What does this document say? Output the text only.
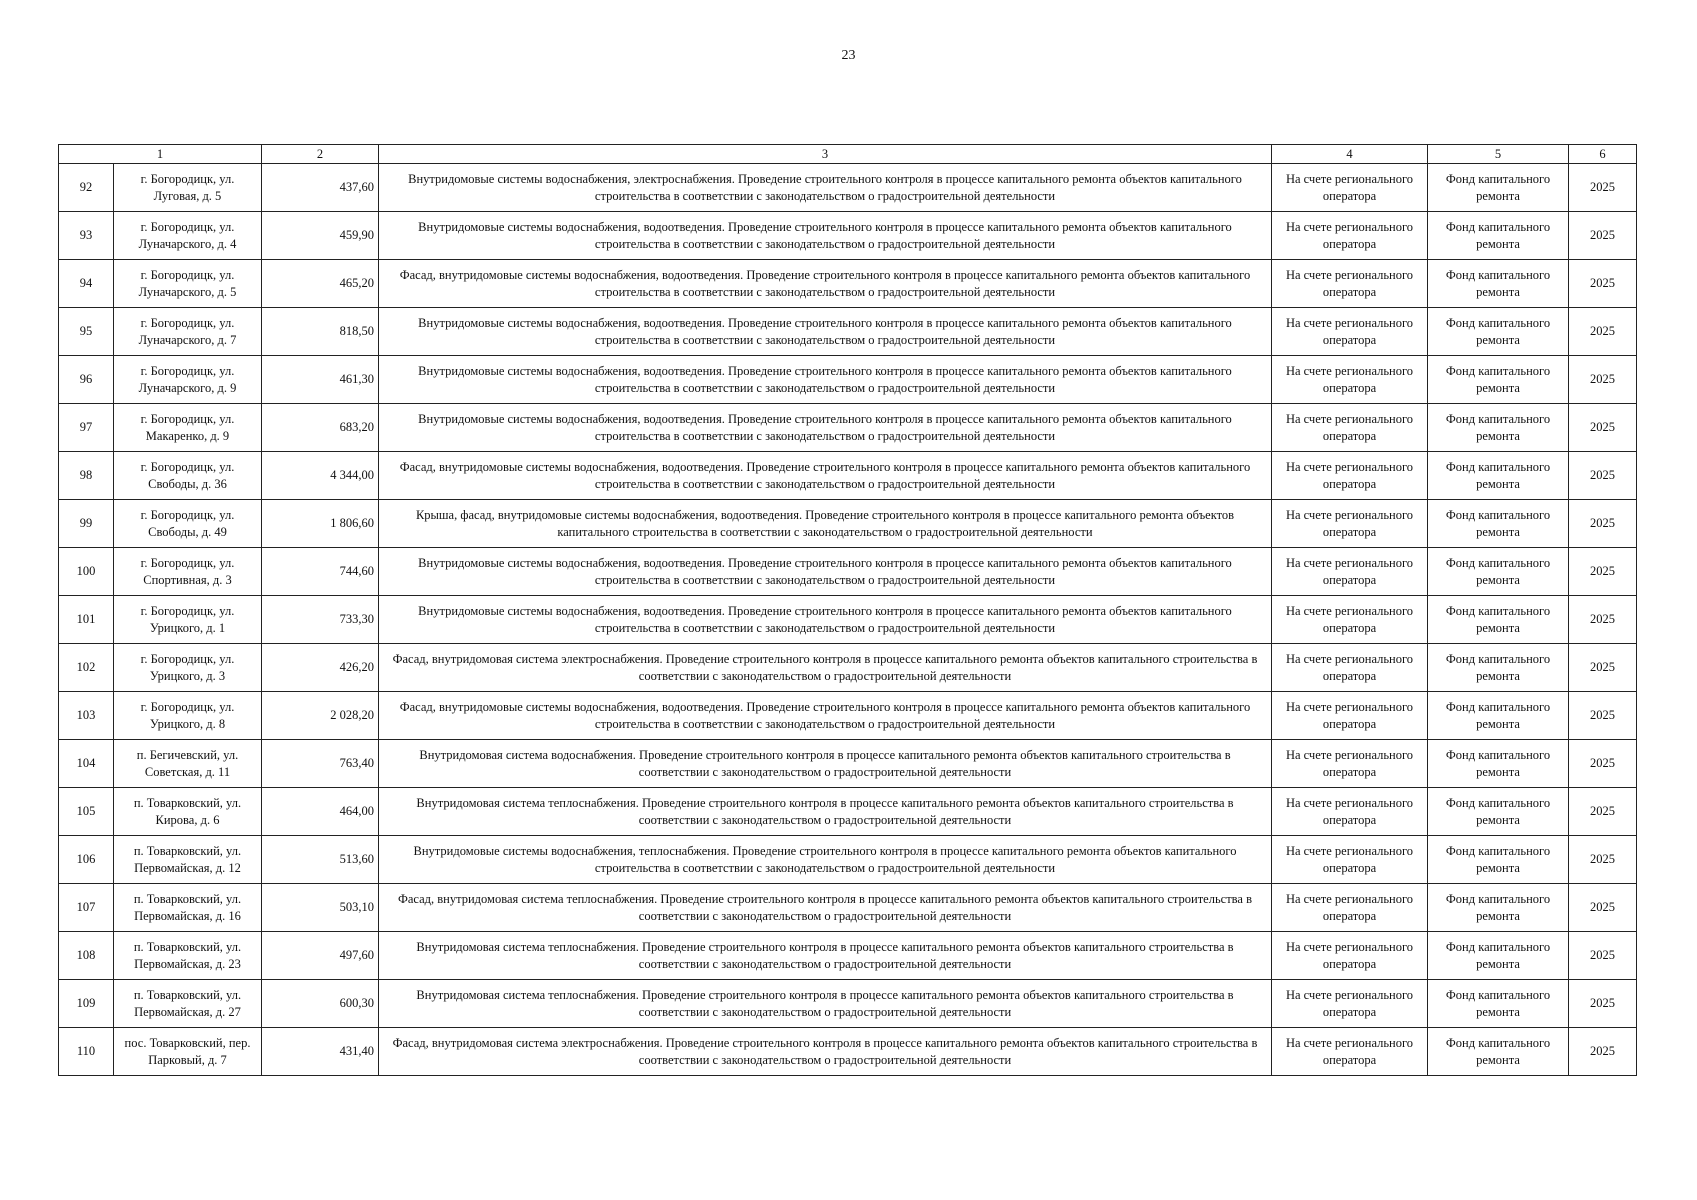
23
1		2	3	4	5	6
92	г. Богородицк, ул. Луговая, д. 5	437,60	Внутридомовые системы водоснабжения, электроснабжения. Проведение строительного контроля в процессе капитального ремонта объектов капитального строительства в соответствии с законодательством о градостроительной деятельности	На счете регионального оператора	Фонд капитального ремонта	2025
93	г. Богородицк, ул. Луначарского, д. 4	459,90	Внутридомовые системы водоснабжения, водоотведения. Проведение строительного контроля в процессе капитального ремонта объектов капитального строительства в соответствии с законодательством о градостроительной деятельности	На счете регионального оператора	Фонд капитального ремонта	2025
94	г. Богородицк, ул. Луначарского, д. 5	465,20	Фасад, внутридомовые системы водоснабжения, водоотведения. Проведение строительного контроля в процессе капитального ремонта объектов капитального строительства в соответствии с законодательством о градостроительной деятельности	На счете регионального оператора	Фонд капитального ремонта	2025
95	г. Богородицк, ул. Луначарского, д. 7	818,50	Внутридомовые системы водоснабжения, водоотведения. Проведение строительного контроля в процессе капитального ремонта объектов капитального строительства в соответствии с законодательством о градостроительной деятельности	На счете регионального оператора	Фонд капитального ремонта	2025
96	г. Богородицк, ул. Луначарского, д. 9	461,30	Внутридомовые системы водоснабжения, водоотведения. Проведение строительного контроля в процессе капитального ремонта объектов капитального строительства в соответствии с законодательством о градостроительной деятельности	На счете регионального оператора	Фонд капитального ремонта	2025
97	г. Богородицк, ул. Макаренко, д. 9	683,20	Внутридомовые системы водоснабжения, водоотведения. Проведение строительного контроля в процессе капитального ремонта объектов капитального строительства в соответствии с законодательством о градостроительной деятельности	На счете регионального оператора	Фонд капитального ремонта	2025
98	г. Богородицк, ул. Свободы, д. 36	4 344,00	Фасад, внутридомовые системы водоснабжения, водоотведения. Проведение строительного контроля в процессе капитального ремонта объектов капитального строительства в соответствии с законодательством о градостроительной деятельности	На счете регионального оператора	Фонд капитального ремонта	2025
99	г. Богородицк, ул. Свободы, д. 49	1 806,60	Крыша, фасад, внутридомовые системы водоснабжения, водоотведения. Проведение строительного контроля в процессе капитального ремонта объектов капитального строительства в соответствии с законодательством о градостроительной деятельности	На счете регионального оператора	Фонд капитального ремонта	2025
100	г. Богородицк, ул. Спортивная, д. 3	744,60	Внутридомовые системы водоснабжения, водоотведения. Проведение строительного контроля в процессе капитального ремонта объектов капитального строительства в соответствии с законодательством о градостроительной деятельности	На счете регионального оператора	Фонд капитального ремонта	2025
101	г. Богородицк, ул. Урицкого, д. 1	733,30	Внутридомовые системы водоснабжения, водоотведения. Проведение строительного контроля в процессе капитального ремонта объектов капитального строительства в соответствии с законодательством о градостроительной деятельности	На счете регионального оператора	Фонд капитального ремонта	2025
102	г. Богородицк, ул. Урицкого, д. 3	426,20	Фасад, внутридомовая система электроснабжения. Проведение строительного контроля в процессе капитального ремонта объектов капитального строительства в соответствии с законодательством о градостроительной деятельности	На счете регионального оператора	Фонд капитального ремонта	2025
103	г. Богородицк, ул. Урицкого, д. 8	2 028,20	Фасад, внутридомовые системы водоснабжения, водоотведения. Проведение строительного контроля в процессе капитального ремонта объектов капитального строительства в соответствии с законодательством о градостроительной деятельности	На счете регионального оператора	Фонд капитального ремонта	2025
104	п. Бегичевский, ул. Советская, д. 11	763,40	Внутридомовая система водоснабжения. Проведение строительного контроля в процессе капитального ремонта объектов капитального строительства в соответствии с законодательством о градостроительной деятельности	На счете регионального оператора	Фонд капитального ремонта	2025
105	п. Товарковский, ул. Кирова, д. 6	464,00	Внутридомовая система теплоснабжения. Проведение строительного контроля в процессе капитального ремонта объектов капитального строительства в соответствии с законодательством о градостроительной деятельности	На счете регионального оператора	Фонд капитального ремонта	2025
106	п. Товарковский, ул. Первомайская, д. 12	513,60	Внутридомовые системы водоснабжения, теплоснабжения. Проведение строительного контроля в процессе капитального ремонта объектов капитального строительства в соответствии с законодательством о градостроительной деятельности	На счете регионального оператора	Фонд капитального ремонта	2025
107	п. Товарковский, ул. Первомайская, д. 16	503,10	Фасад, внутридомовая система теплоснабжения. Проведение строительного контроля в процессе капитального ремонта объектов капитального строительства в соответствии с законодательством о градостроительной деятельности	На счете регионального оператора	Фонд капитального ремонта	2025
108	п. Товарковский, ул. Первомайская, д. 23	497,60	Внутридомовая система теплоснабжения. Проведение строительного контроля в процессе капитального ремонта объектов капитального строительства в соответствии с законодательством о градостроительной деятельности	На счете регионального оператора	Фонд капитального ремонта	2025
109	п. Товарковский, ул. Первомайская, д. 27	600,30	Внутридомовая система теплоснабжения. Проведение строительного контроля в процессе капитального ремонта объектов капитального строительства в соответствии с законодательством о градостроительной деятельности	На счете регионального оператора	Фонд капитального ремонта	2025
110	пос. Товарковский, пер. Парковый, д. 7	431,40	Фасад, внутридомовая система электроснабжения. Проведение строительного контроля в процессе капитального ремонта объектов капитального строительства в соответствии с законодательством о градостроительной деятельности	На счете регионального оператора	Фонд капитального ремонта	2025
